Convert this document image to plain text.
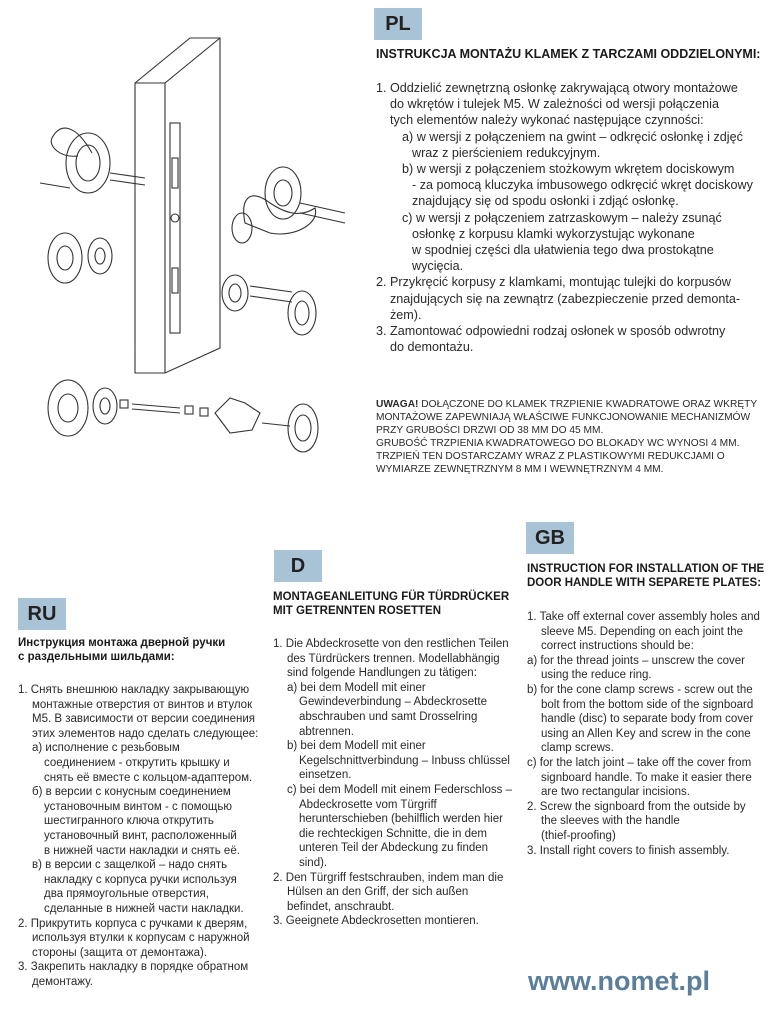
PL
INSTRUKCJA MONTAŻU KLAMEK Z TARCZAMI ODDZIELONYMI:
1. Oddzielić zewnętrzną osłonkę zakrywającą otwory montażowe
do wkrętów i tulejek M5. W zależności od wersji połączenia
tych elementów należy wykonać następujące czynności:
a) w wersji z połączeniem na gwint – odkręcić osłonkę i zdjęć
wraz z pierścieniem redukcyjnym.
b) w wersji z połączeniem stożkowym wkrętem dociskowym
- za pomocą kluczyka imbusowego odkręcić wkręt dociskowy
znajdujący się od spodu osłonki i zdjąć osłonkę.
c) w wersji z połączeniem zatrzaskowym – należy zsunąć
osłonkę z korpusu klamki wykorzystując wykonane
w spodniej części dla ułatwienia tego dwa prostokątne
wycięcia.
2. Przykręcić korpusy z klamkami, montując tulejki do korpusów
znajdujących się na zewnątrz (zabezpieczenie przed demonta-
żem).
3. Zamontować odpowiedni rodzaj osłonek w sposób odwrotny
do demontażu.
UWAGA! DOŁĄCZONE DO KLAMEK TRZPIENIE KWADRATOWE ORAZ WKRĘTY
MONTAŻOWE ZAPEWNIAJĄ WŁAŚCIWE FUNKCJONOWANIE MECHANIZMÓW
PRZY GRUBOŚCI DRZWI OD 38 MM DO 45 MM.
GRUBOŚĆ TRZPIENIA KWADRATOWEGO DO BLOKADY WC WYNOSI 4 MM.
TRZPIEŃ TEN DOSTARCZAMY WRAZ Z PLASTIKOWYMI REDUKCJAMI O
WYMIARZE ZEWNĘTRZNYM 8 MM I WEWNĘTRZNYM 4 MM.
GB
INSTRUCTION FOR INSTALLATION OF THE
DOOR HANDLE WITH SEPARETE PLATES:
1. Take off external cover assembly holes and
sleeve M5. Depending on each joint the
correct instructions should be:
a) for the thread joints – unscrew the cover
using the reduce ring.
b) for the cone clamp screws - screw out the
bolt from the bottom side of the signboard
handle (disc) to separate body from cover
using an Allen Key and screw in the cone
clamp screws.
c) for the latch joint – take off the cover from
signboard handle. To make it easier there
are two rectangular incisions.
2. Screw the signboard from the outside by
the sleeves with the handle
(thief-proofing)
3. Install right covers to finish assembly.
D
MONTAGEANLEITUNG FÜR TÜRDRÜCKER
MIT GETRENNTEN ROSETTEN
1. Die Abdeckrosette von den restlichen Teilen
des Türdrückers trennen. Modellabhängig
sind folgende Handlungen zu tätigen:
a) bei dem Modell mit einer
Gewindeverbindung – Abdeckrosette
abschrauben und samt Drosselring
abtrennen.
b) bei dem Modell mit einer
Kegelschnittverbindung – Inbuss chlüssel
einsetzen.
c) bei dem Modell mit einem Federschloss –
Abdeckrosette vom Türgriff
herunterschieben (behilflich werden hier
die rechteckigen Schnitte, die in dem
unteren Teil der Abdeckung zu finden
sind).
2. Den Türgriff festschrauben, indem man die
Hülsen an den Griff, der sich außen
befindet, anschraubt.
3. Geeignete Abdeckrosetten montieren.
RU
Инструкция монтажа дверной ручки
с раздельными шильдами:
1. Снять внешнюю накладку закрывающую
монтажные отверстия от винтов и втулок
М5. В зависимости от версии соединения
этих элементов надо сделать следующее:
а) исполнение с резьбовым
соединением - открутить крышку и
снять её вместе с кольцом-адаптером.
б) в версии с конусным соединением
установочным винтом - с помощью
шестигранного ключа открутить
установочный винт, расположенный
в нижней части накладки и снять её.
в) в версии с защелкой – надо снять
накладку с корпуса ручки используя
два прямоугольные отверстия,
сделанные в нижней части накладки.
2. Прикрутить корпуса с ручками к дверям,
используя втулки к корпусам с наружной
стороны (защита от демонтажа).
3. Закрепить накладку в порядке обратном
демонтажу.	www.nomet.pl
